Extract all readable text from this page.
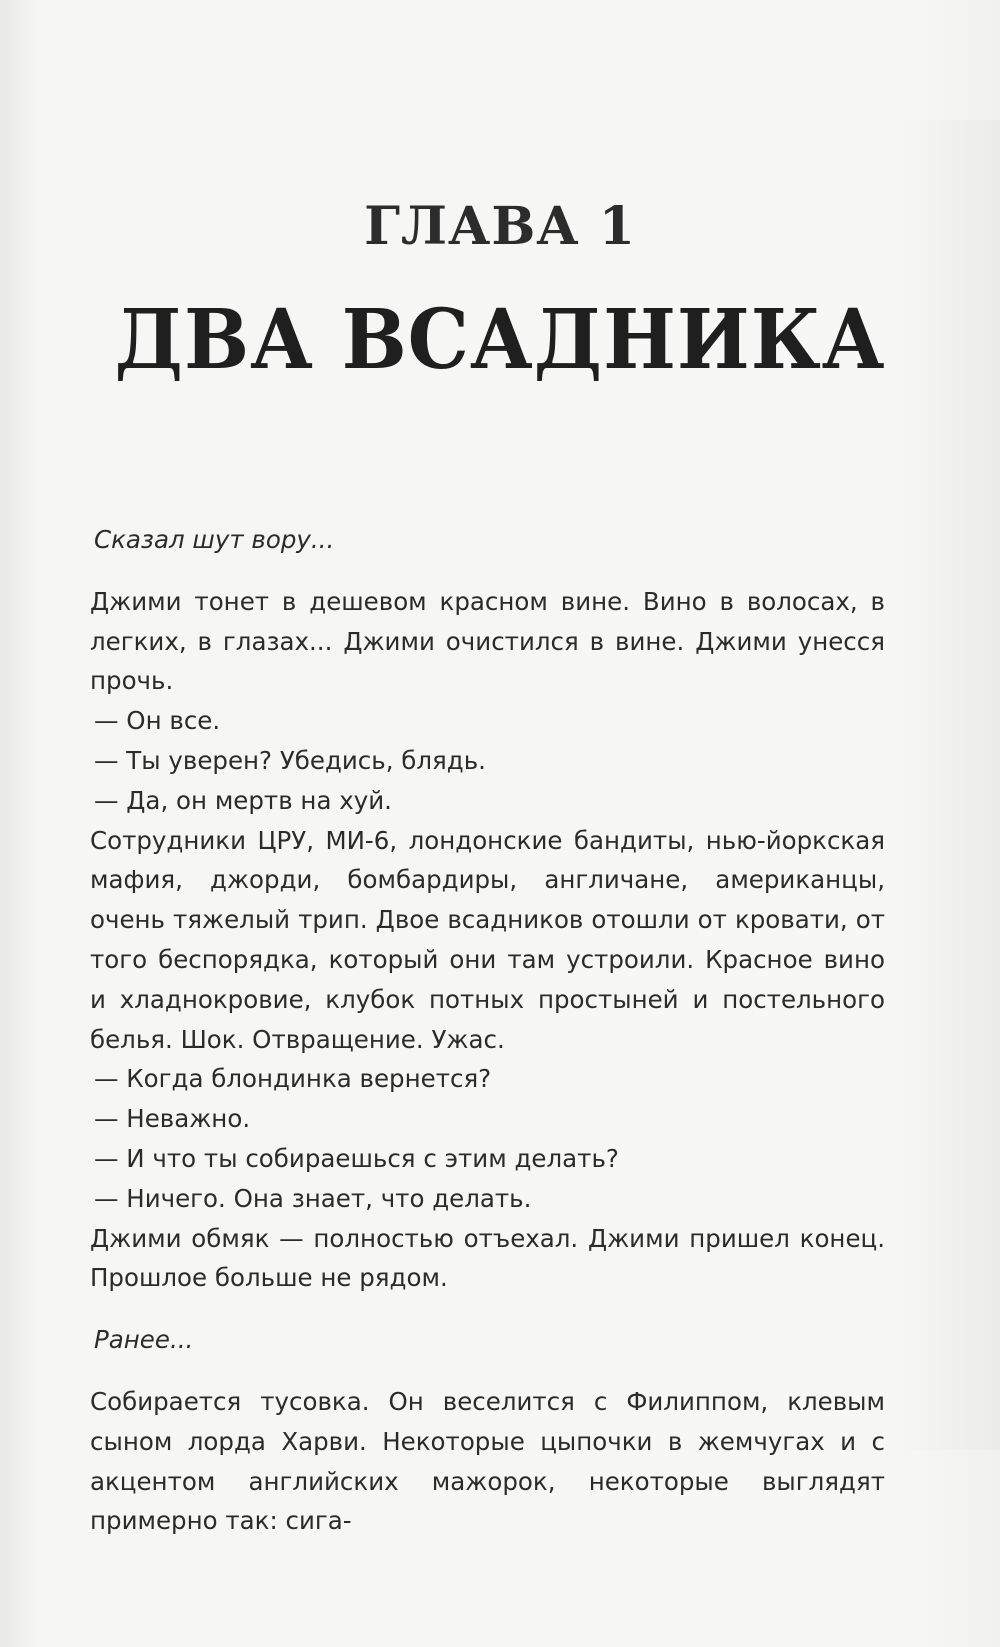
ГЛАВА 1
ДВА ВСАДНИКА

Сказал шут вору...

Джими тонет в дешевом красном вине. Вино в волосах, в легких, в глазах... Джими очистился в вине. Джими унесся прочь.

— Он все.

— Ты уверен? Убедись, блядь.

— Да, он мертв на хуй.

Сотрудники ЦРУ, МИ-6, лондонские бандиты, нью-йоркская мафия, джорди, бомбардиры, англичане, американцы, очень тяжелый трип. Двое всадников отошли от кровати, от того беспорядка, который они там устроили. Красное вино и хладнокровие, клубок потных простыней и постельного белья. Шок. Отвращение. Ужас.

— Когда блондинка вернется?

— Неважно.

— И что ты собираешься с этим делать?

— Ничего. Она знает, что делать.

Джими обмяк — полностью отъехал. Джими пришел конец. Прошлое больше не рядом.

Ранее...

Собирается тусовка. Он веселится с Филиппом, клевым сыном лорда Харви. Некоторые цыпочки в жемчугах и с акцентом английских мажорок, некоторые выглядят примерно так: сига-
